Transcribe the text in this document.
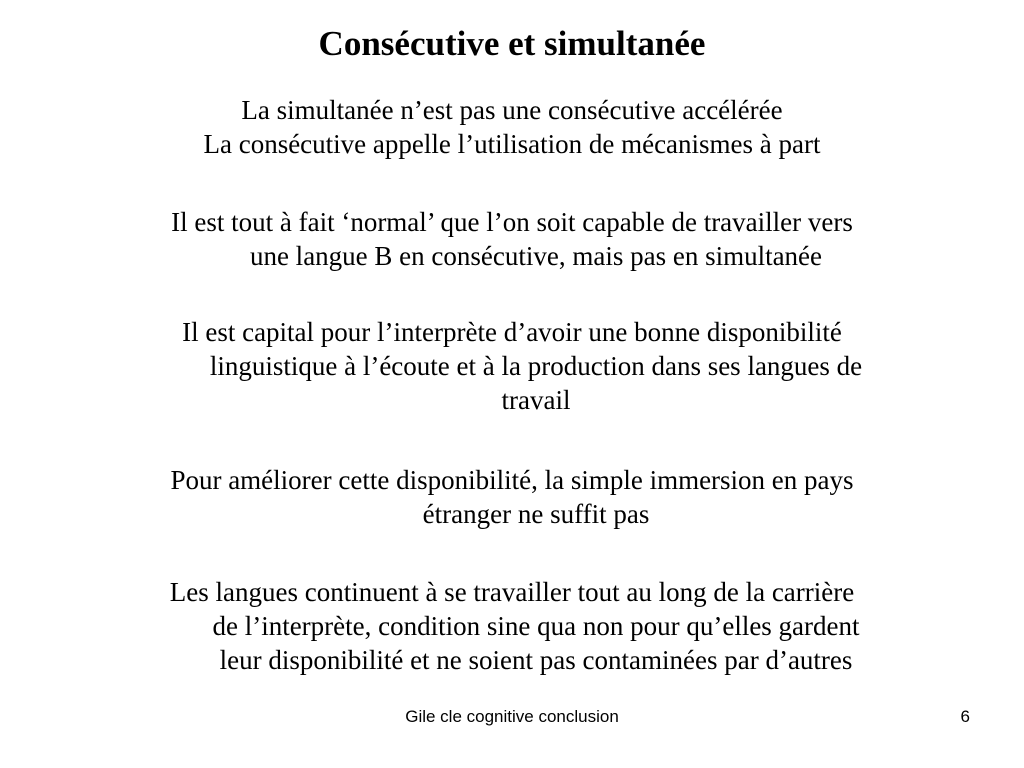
Consécutive et simultanée
La simultanée n’est pas une consécutive accélérée
La consécutive appelle l’utilisation de mécanismes à part
Il est tout à fait ‘normal’ que l’on soit capable de travailler vers
une langue B en consécutive, mais pas en simultanée
Il est capital pour l’interprète d’avoir une bonne disponibilité
linguistique à l’écoute et à la production dans ses langues de
travail
Pour améliorer cette disponibilité, la simple immersion en pays
étranger ne suffit pas
Les langues continuent à se travailler tout au long de la carrière
de l’interprète, condition sine qua non pour qu’elles gardent
leur disponibilité et ne soient pas contaminées par d’autres

Gile cle cognitive conclusion	6
